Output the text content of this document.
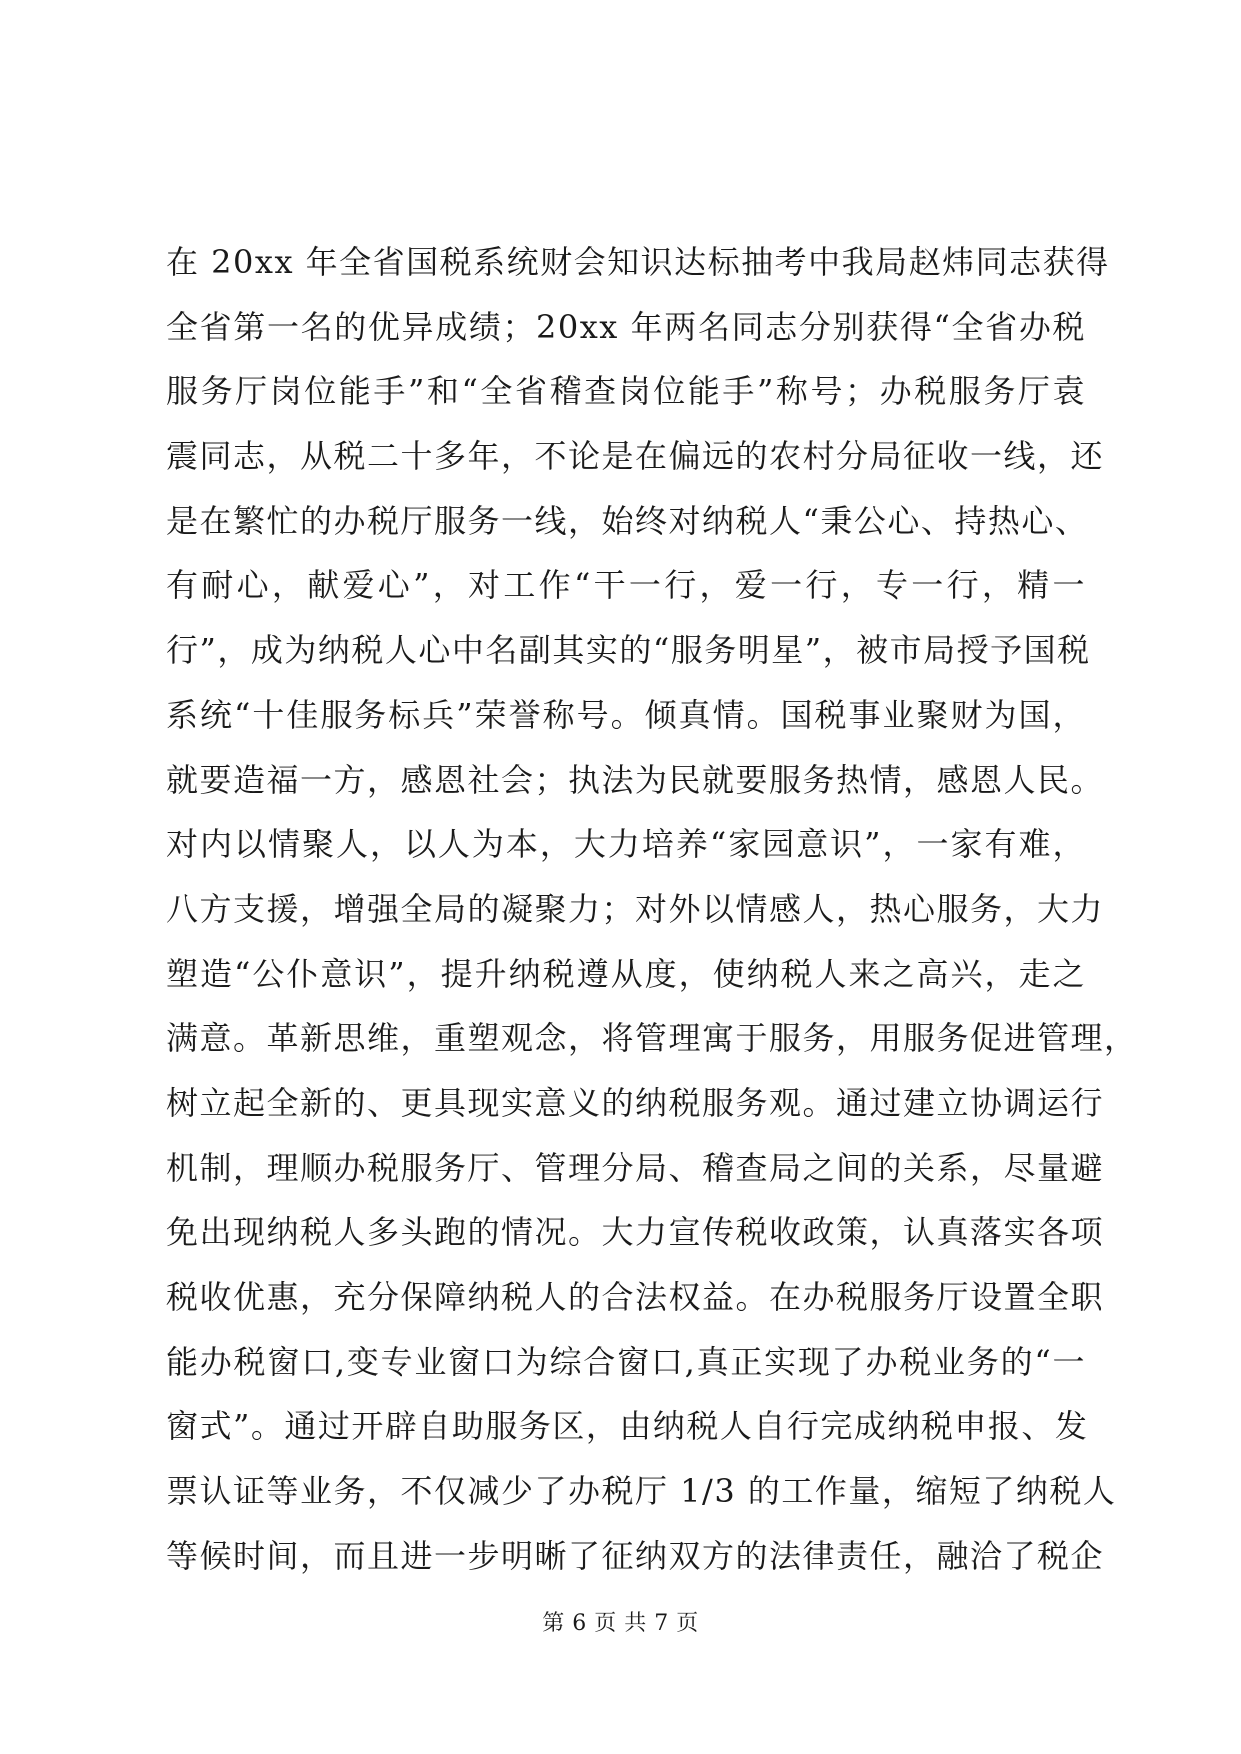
在 20xx 年全省国税系统财会知识达标抽考中我局赵炜同志获得
全省第一名的优异成绩；20xx 年两名同志分别获得“全省办税
服务厅岗位能手”和“全省稽查岗位能手”称号；办税服务厅袁
震同志，从税二十多年，不论是在偏远的农村分局征收一线，还
是在繁忙的办税厅服务一线，始终对纳税人“秉公心、持热心、
有耐心，献爱心”，对工作“干一行，爱一行，专一行，精一
行”，成为纳税人心中名副其实的“服务明星”，被市局授予国税
系统“十佳服务标兵”荣誉称号。倾真情。国税事业聚财为国，
就要造福一方，感恩社会；执法为民就要服务热情，感恩人民。
对内以情聚人，以人为本，大力培养“家园意识”，一家有难，
八方支援，增强全局的凝聚力；对外以情感人，热心服务，大力
塑造“公仆意识”，提升纳税遵从度，使纳税人来之高兴，走之
满意。革新思维，重塑观念，将管理寓于服务，用服务促进管理，
树立起全新的、更具现实意义的纳税服务观。通过建立协调运行
机制，理顺办税服务厅、管理分局、稽查局之间的关系，尽量避
免出现纳税人多头跑的情况。大力宣传税收政策，认真落实各项
税收优惠，充分保障纳税人的合法权益。在办税服务厅设置全职
能办税窗口,变专业窗口为综合窗口,真正实现了办税业务的“一
窗式”。通过开辟自助服务区，由纳税人自行完成纳税申报、发
票认证等业务，不仅减少了办税厅 1/3 的工作量，缩短了纳税人
等候时间，而且进一步明晰了征纳双方的法律责任，融洽了税企
第 6 页 共 7 页
